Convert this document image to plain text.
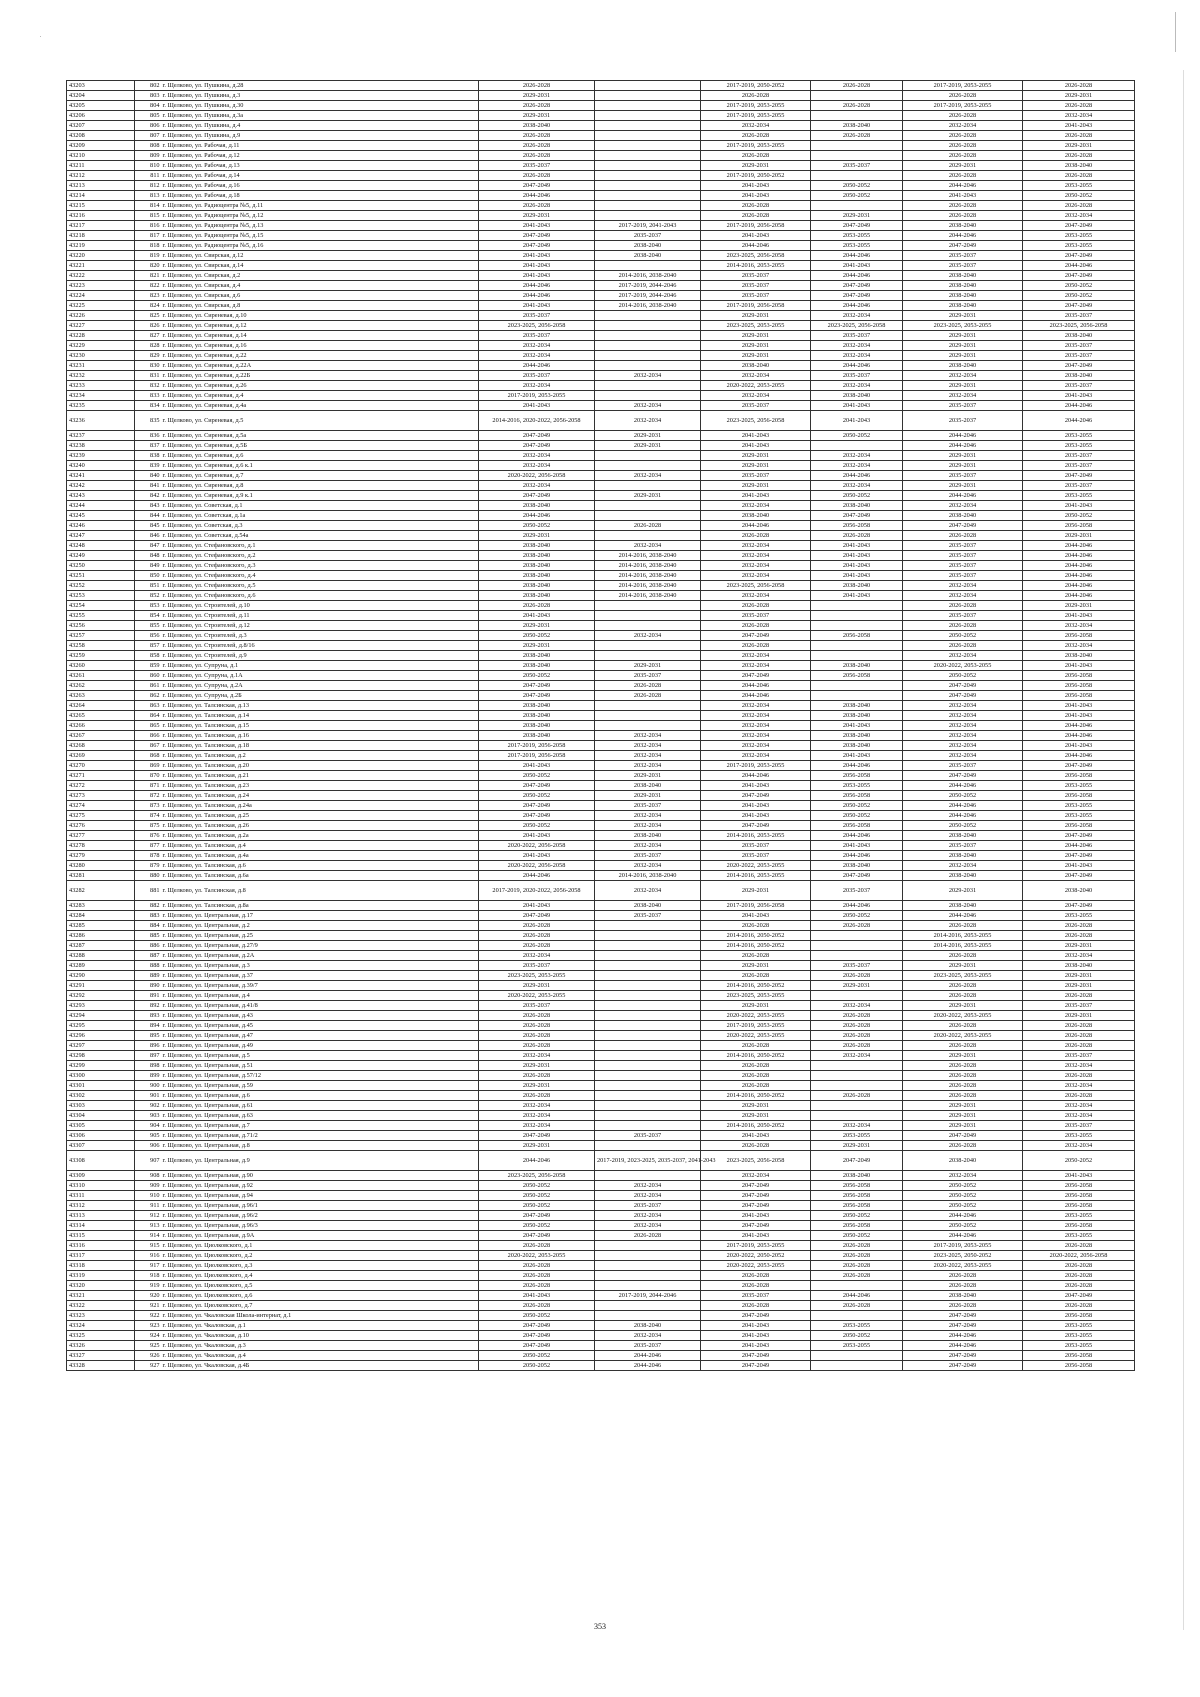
43203	802	г. Щелково, ул. Пушкина, д.28	2026-2028		2017-2019, 2050-2052	2026-2028	2017-2019, 2053-2055	2026-2028
43204	803	г. Щелково, ул. Пушкина, д.3	2029-2031		2026-2028		2026-2028	2029-2031
43205	804	г. Щелково, ул. Пушкина, д.30	2026-2028		2017-2019, 2053-2055	2026-2028	2017-2019, 2053-2055	2026-2028
43206	805	г. Щелково, ул. Пушкина, д.3а	2029-2031		2017-2019, 2053-2055		2026-2028	2032-2034
43207	806	г. Щелково, ул. Пушкина, д.4	2038-2040		2032-2034	2038-2040	2032-2034	2041-2043
43208	807	г. Щелково, ул. Пушкина, д.9	2026-2028		2026-2028	2026-2028	2026-2028	2026-2028
43209	808	г. Щелково, ул. Рабочая, д.11	2026-2028		2017-2019, 2053-2055		2026-2028	2029-2031
43210	809	г. Щелково, ул. Рабочая, д.12	2026-2028		2026-2028		2026-2028	2026-2028
43211	810	г. Щелково, ул. Рабочая, д.13	2035-2037		2029-2031	2035-2037	2029-2031	2038-2040
43212	811	г. Щелково, ул. Рабочая, д.14	2026-2028		2017-2019, 2050-2052		2026-2028	2026-2028
43213	812	г. Щелково, ул. Рабочая, д.16	2047-2049		2041-2043	2050-2052	2044-2046	2053-2055
43214	813	г. Щелково, ул. Рабочая, д.18	2044-2046		2041-2043	2050-2052	2041-2043	2050-2052
43215	814	г. Щелково, ул. Радиоцентра №5, д.11	2026-2028		2026-2028		2026-2028	2026-2028
43216	815	г. Щелково, ул. Радиоцентра №5, д.12	2029-2031		2026-2028	2029-2031	2026-2028	2032-2034
43217	816	г. Щелково, ул. Радиоцентра №5, д.13	2041-2043	2017-2019, 2041-2043	2017-2019, 2056-2058	2047-2049	2038-2040	2047-2049
43218	817	г. Щелково, ул. Радиоцентра №5, д.15	2047-2049	2035-2037	2041-2043	2053-2055	2044-2046	2053-2055
43219	818	г. Щелково, ул. Радиоцентра №5, д.16	2047-2049	2038-2040	2044-2046	2053-2055	2047-2049	2053-2055
43220	819	г. Щелково, ул. Свирская, д.12	2041-2043	2038-2040	2023-2025, 2056-2058	2044-2046	2035-2037	2047-2049
43221	820	г. Щелково, ул. Свирская, д.14	2041-2043		2014-2016, 2053-2055	2041-2043	2035-2037	2044-2046
43222	821	г. Щелково, ул. Свирская, д.2	2041-2043	2014-2016, 2038-2040	2035-2037	2044-2046	2038-2040	2047-2049
43223	822	г. Щелково, ул. Свирская, д.4	2044-2046	2017-2019, 2044-2046	2035-2037	2047-2049	2038-2040	2050-2052
43224	823	г. Щелково, ул. Свирская, д.6	2044-2046	2017-2019, 2044-2046	2035-2037	2047-2049	2038-2040	2050-2052
43225	824	г. Щелково, ул. Свирская, д.8	2041-2043	2014-2016, 2038-2040	2017-2019, 2056-2058	2044-2046	2038-2040	2047-2049
43226	825	г. Щелково, ул. Сиреневая, д.10	2035-2037		2029-2031	2032-2034	2029-2031	2035-2037
43227	826	г. Щелково, ул. Сиреневая, д.12	2023-2025, 2056-2058		2023-2025, 2053-2055	2023-2025, 2056-2058	2023-2025, 2053-2055	2023-2025, 2056-2058
43228	827	г. Щелково, ул. Сиреневая, д.14	2035-2037		2029-2031	2035-2037	2029-2031	2038-2040
43229	828	г. Щелково, ул. Сиреневая, д.16	2032-2034		2029-2031	2032-2034	2029-2031	2035-2037
43230	829	г. Щелково, ул. Сиреневая, д.22	2032-2034		2029-2031	2032-2034	2029-2031	2035-2037
43231	830	г. Щелково, ул. Сиреневая, д.22А	2044-2046		2038-2040	2044-2046	2038-2040	2047-2049
43232	831	г. Щелково, ул. Сиреневая, д.22Б	2035-2037	2032-2034	2032-2034	2035-2037	2032-2034	2038-2040
43233	832	г. Щелково, ул. Сиреневая, д.26	2032-2034		2020-2022, 2053-2055	2032-2034	2029-2031	2035-2037
43234	833	г. Щелково, ул. Сиреневая, д.4	2017-2019, 2053-2055		2032-2034	2038-2040	2032-2034	2041-2043
43235	834	г. Щелково, ул. Сиреневая, д.4а	2041-2043	2032-2034	2035-2037	2041-2043	2035-2037	2044-2046
43236	835	г. Щелково, ул. Сиреневая, д.5	2014-2016, 2020-2022, 2056-2058	2032-2034	2023-2025, 2056-2058	2041-2043	2035-2037	2044-2046
43237	836	г. Щелково, ул. Сиреневая, д.5а	2047-2049	2029-2031	2041-2043	2050-2052	2044-2046	2053-2055
43238	837	г. Щелково, ул. Сиреневая, д.5Б	2047-2049	2029-2031	2041-2043		2044-2046	2053-2055
43239	838	г. Щелково, ул. Сиреневая, д.6	2032-2034		2029-2031	2032-2034	2029-2031	2035-2037
43240	839	г. Щелково, ул. Сиреневая, д.6 к.1	2032-2034		2029-2031	2032-2034	2029-2031	2035-2037
43241	840	г. Щелково, ул. Сиреневая, д.7	2020-2022, 2056-2058	2032-2034	2035-2037	2044-2046	2035-2037	2047-2049
43242	841	г. Щелково, ул. Сиреневая, д.8	2032-2034		2029-2031	2032-2034	2029-2031	2035-2037
43243	842	г. Щелково, ул. Сиреневая, д.9 к.1	2047-2049	2029-2031	2041-2043	2050-2052	2044-2046	2053-2055
43244	843	г. Щелково, ул. Советская, д.1	2038-2040		2032-2034	2038-2040	2032-2034	2041-2043
43245	844	г. Щелково, ул. Советская, д.1а	2044-2046		2038-2040	2047-2049	2038-2040	2050-2052
43246	845	г. Щелково, ул. Советская, д.3	2050-2052	2026-2028	2044-2046	2056-2058	2047-2049	2056-2058
43247	846	г. Щелково, ул. Советская, д.54а	2029-2031		2026-2028	2026-2028	2026-2028	2029-2031
43248	847	г. Щелково, ул. Стефановского, д.1	2038-2040	2032-2034	2032-2034	2041-2043	2035-2037	2044-2046
43249	848	г. Щелково, ул. Стефановского, д.2	2038-2040	2014-2016, 2038-2040	2032-2034	2041-2043	2035-2037	2044-2046
43250	849	г. Щелково, ул. Стефановского, д.3	2038-2040	2014-2016, 2038-2040	2032-2034	2041-2043	2035-2037	2044-2046
43251	850	г. Щелково, ул. Стефановского, д.4	2038-2040	2014-2016, 2038-2040	2032-2034	2041-2043	2035-2037	2044-2046
43252	851	г. Щелково, ул. Стефановского, д.5	2038-2040	2014-2016, 2038-2040	2023-2025, 2056-2058	2038-2040	2032-2034	2044-2046
43253	852	г. Щелково, ул. Стефановского, д.6	2038-2040	2014-2016, 2038-2040	2032-2034	2041-2043	2032-2034	2044-2046
43254	853	г. Щелково, ул. Строителей, д.10	2026-2028		2026-2028		2026-2028	2029-2031
43255	854	г. Щелково, ул. Строителей, д.11	2041-2043		2035-2037		2035-2037	2041-2043
43256	855	г. Щелково, ул. Строителей, д.12	2029-2031		2026-2028		2026-2028	2032-2034
43257	856	г. Щелково, ул. Строителей, д.3	2050-2052	2032-2034	2047-2049	2056-2058	2050-2052	2056-2058
43258	857	г. Щелково, ул. Строителей, д.8/16	2029-2031		2026-2028		2026-2028	2032-2034
43259	858	г. Щелково, ул. Строителей, д.9	2038-2040		2032-2034		2032-2034	2038-2040
43260	859	г. Щелково, ул. Супруна, д.1	2038-2040	2029-2031	2032-2034	2038-2040	2020-2022, 2053-2055	2041-2043
43261	860	г. Щелково, ул. Супруна, д.1А	2050-2052	2035-2037	2047-2049	2056-2058	2050-2052	2056-2058
43262	861	г. Щелково, ул. Супруна, д.2А	2047-2049	2026-2028	2044-2046		2047-2049	2056-2058
43263	862	г. Щелково, ул. Супруна, д.2Б	2047-2049	2026-2028	2044-2046		2047-2049	2056-2058
43264	863	г. Щелково, ул. Талсинская, д.13	2038-2040		2032-2034	2038-2040	2032-2034	2041-2043
43265	864	г. Щелково, ул. Талсинская, д.14	2038-2040		2032-2034	2038-2040	2032-2034	2041-2043
43266	865	г. Щелково, ул. Талсинская, д.15	2038-2040		2032-2034	2041-2043	2032-2034	2044-2046
43267	866	г. Щелково, ул. Талсинская, д.16	2038-2040	2032-2034	2032-2034	2038-2040	2032-2034	2044-2046
43268	867	г. Щелково, ул. Талсинская, д.18	2017-2019, 2056-2058	2032-2034	2032-2034	2038-2040	2032-2034	2041-2043
43269	868	г. Щелково, ул. Талсинская, д.2	2017-2019, 2056-2058	2032-2034	2032-2034	2041-2043	2032-2034	2044-2046
43270	869	г. Щелково, ул. Талсинская, д.20	2041-2043	2032-2034	2017-2019, 2053-2055	2044-2046	2035-2037	2047-2049
43271	870	г. Щелково, ул. Талсинская, д.21	2050-2052	2029-2031	2044-2046	2056-2058	2047-2049	2056-2058
43272	871	г. Щелково, ул. Талсинская, д.23	2047-2049	2038-2040	2041-2043	2053-2055	2044-2046	2053-2055
43273	872	г. Щелково, ул. Талсинская, д.24	2050-2052	2029-2031	2047-2049	2056-2058	2050-2052	2056-2058
43274	873	г. Щелково, ул. Талсинская, д.24а	2047-2049	2035-2037	2041-2043	2050-2052	2044-2046	2053-2055
43275	874	г. Щелково, ул. Талсинская, д.25	2047-2049	2032-2034	2041-2043	2050-2052	2044-2046	2053-2055
43276	875	г. Щелково, ул. Талсинская, д.26	2050-2052	2032-2034	2047-2049	2056-2058	2050-2052	2056-2058
43277	876	г. Щелково, ул. Талсинская, д.2а	2041-2043	2038-2040	2014-2016, 2053-2055	2044-2046	2038-2040	2047-2049
43278	877	г. Щелково, ул. Талсинская, д.4	2020-2022, 2056-2058	2032-2034	2035-2037	2041-2043	2035-2037	2044-2046
43279	878	г. Щелково, ул. Талсинская, д.4а	2041-2043	2035-2037	2035-2037	2044-2046	2038-2040	2047-2049
43280	879	г. Щелково, ул. Талсинская, д.6	2020-2022, 2056-2058	2032-2034	2020-2022, 2053-2055	2038-2040	2032-2034	2041-2043
43281	880	г. Щелково, ул. Талсинская, д.6а	2044-2046	2014-2016, 2038-2040	2014-2016, 2053-2055	2047-2049	2038-2040	2047-2049
43282	881	г. Щелково, ул. Талсинская, д.8	2017-2019, 2020-2022, 2056-2058	2032-2034	2029-2031	2035-2037	2029-2031	2038-2040
43283	882	г. Щелково, ул. Талсинская, д.8а	2041-2043	2038-2040	2017-2019, 2056-2058	2044-2046	2038-2040	2047-2049
43284	883	г. Щелково, ул. Центральная, д.17	2047-2049	2035-2037	2041-2043	2050-2052	2044-2046	2053-2055
43285	884	г. Щелково, ул. Центральная, д.2	2026-2028		2026-2028	2026-2028	2026-2028	2026-2028
43286	885	г. Щелково, ул. Центральная, д.25	2026-2028		2014-2016, 2050-2052		2014-2016, 2053-2055	2026-2028
43287	886	г. Щелково, ул. Центральная, д.27/9	2026-2028		2014-2016, 2050-2052		2014-2016, 2053-2055	2029-2031
43288	887	г. Щелково, ул. Центральная, д.2А	2032-2034		2026-2028		2026-2028	2032-2034
43289	888	г. Щелково, ул. Центральная, д.3	2035-2037		2029-2031	2035-2037	2029-2031	2038-2040
43290	889	г. Щелково, ул. Центральная, д.37	2023-2025, 2053-2055		2026-2028	2026-2028	2023-2025, 2053-2055	2029-2031
43291	890	г. Щелково, ул. Центральная, д.39/7	2029-2031		2014-2016, 2050-2052	2029-2031	2026-2028	2029-2031
43292	891	г. Щелково, ул. Центральная, д.4	2020-2022, 2053-2055		2023-2025, 2053-2055		2026-2028	2026-2028
43293	892	г. Щелково, ул. Центральная, д.41/8	2035-2037		2029-2031	2032-2034	2029-2031	2035-2037
43294	893	г. Щелково, ул. Центральная, д.43	2026-2028		2020-2022, 2053-2055	2026-2028	2020-2022, 2053-2055	2029-2031
43295	894	г. Щелково, ул. Центральная, д.45	2026-2028		2017-2019, 2053-2055	2026-2028	2026-2028	2026-2028
43296	895	г. Щелково, ул. Центральная, д.47	2026-2028		2020-2022, 2053-2055	2026-2028	2020-2022, 2053-2055	2026-2028
43297	896	г. Щелково, ул. Центральная, д.49	2026-2028		2026-2028	2026-2028	2026-2028	2026-2028
43298	897	г. Щелково, ул. Центральная, д.5	2032-2034		2014-2016, 2050-2052	2032-2034	2029-2031	2035-2037
43299	898	г. Щелково, ул. Центральная, д.51	2029-2031		2026-2028		2026-2028	2032-2034
43300	899	г. Щелково, ул. Центральная, д.57/12	2026-2028		2026-2028		2026-2028	2026-2028
43301	900	г. Щелково, ул. Центральная, д.59	2029-2031		2026-2028		2026-2028	2032-2034
43302	901	г. Щелково, ул. Центральная, д.6	2026-2028		2014-2016, 2050-2052	2026-2028	2026-2028	2026-2028
43303	902	г. Щелково, ул. Центральная, д.61	2032-2034		2029-2031		2029-2031	2032-2034
43304	903	г. Щелково, ул. Центральная, д.63	2032-2034		2029-2031		2029-2031	2032-2034
43305	904	г. Щелково, ул. Центральная, д.7	2032-2034		2014-2016, 2050-2052	2032-2034	2029-2031	2035-2037
43306	905	г. Щелково, ул. Центральная, д.71/2	2047-2049	2035-2037	2041-2043	2053-2055	2047-2049	2053-2055
43307	906	г. Щелково, ул. Центральная, д.8	2029-2031		2026-2028	2029-2031	2026-2028	2032-2034
43308	907	г. Щелково, ул. Центральная, д.9	2044-2046	2017-2019, 2023-2025, 2035-2037, 2041-2043	2023-2025, 2056-2058	2047-2049	2038-2040	2050-2052
43309	908	г. Щелково, ул. Центральная, д.90	2023-2025, 2056-2058		2032-2034	2038-2040	2032-2034	2041-2043
43310	909	г. Щелково, ул. Центральная, д.92	2050-2052	2032-2034	2047-2049	2056-2058	2050-2052	2056-2058
43311	910	г. Щелково, ул. Центральная, д.94	2050-2052	2032-2034	2047-2049	2056-2058	2050-2052	2056-2058
43312	911	г. Щелково, ул. Центральная, д.96/1	2050-2052	2035-2037	2047-2049	2056-2058	2050-2052	2056-2058
43313	912	г. Щелково, ул. Центральная, д.96/2	2047-2049	2032-2034	2041-2043	2050-2052	2044-2046	2053-2055
43314	913	г. Щелково, ул. Центральная, д.96/3	2050-2052	2032-2034	2047-2049	2056-2058	2050-2052	2056-2058
43315	914	г. Щелково, ул. Центральная, д.9А	2047-2049	2026-2028	2041-2043	2050-2052	2044-2046	2053-2055
43316	915	г. Щелково, ул. Циолковского, д.1	2026-2028		2017-2019, 2053-2055	2026-2028	2017-2019, 2053-2055	2026-2028
43317	916	г. Щелково, ул. Циолковского, д.2	2020-2022, 2053-2055		2020-2022, 2050-2052	2026-2028	2023-2025, 2050-2052	2020-2022, 2056-2058
43318	917	г. Щелково, ул. Циолковского, д.3	2026-2028		2020-2022, 2053-2055	2026-2028	2020-2022, 2053-2055	2026-2028
43319	918	г. Щелково, ул. Циолковского, д.4	2026-2028		2026-2028	2026-2028	2026-2028	2026-2028
43320	919	г. Щелково, ул. Циолковского, д.5	2026-2028		2026-2028		2026-2028	2026-2028
43321	920	г. Щелково, ул. Циолковского, д.6	2041-2043	2017-2019, 2044-2046	2035-2037	2044-2046	2038-2040	2047-2049
43322	921	г. Щелково, ул. Циолковского, д.7	2026-2028		2026-2028	2026-2028	2026-2028	2026-2028
43323	922	г. Щелково, ул. Чкаловская Школа-интернат, д.1	2050-2052		2047-2049		2047-2049	2056-2058
43324	923	г. Щелково, ул. Чкаловская, д.1	2047-2049	2038-2040	2041-2043	2053-2055	2047-2049	2053-2055
43325	924	г. Щелково, ул. Чкаловская, д.10	2047-2049	2032-2034	2041-2043	2050-2052	2044-2046	2053-2055
43326	925	г. Щелково, ул. Чкаловская, д.3	2047-2049	2035-2037	2041-2043	2053-2055	2044-2046	2053-2055
43327	926	г. Щелково, ул. Чкаловская, д.4	2050-2052	2044-2046	2047-2049		2047-2049	2056-2058
43328	927	г. Щелково, ул. Чкаловская, д.4Б	2050-2052	2044-2046	2047-2049		2047-2049	2056-2058
353
